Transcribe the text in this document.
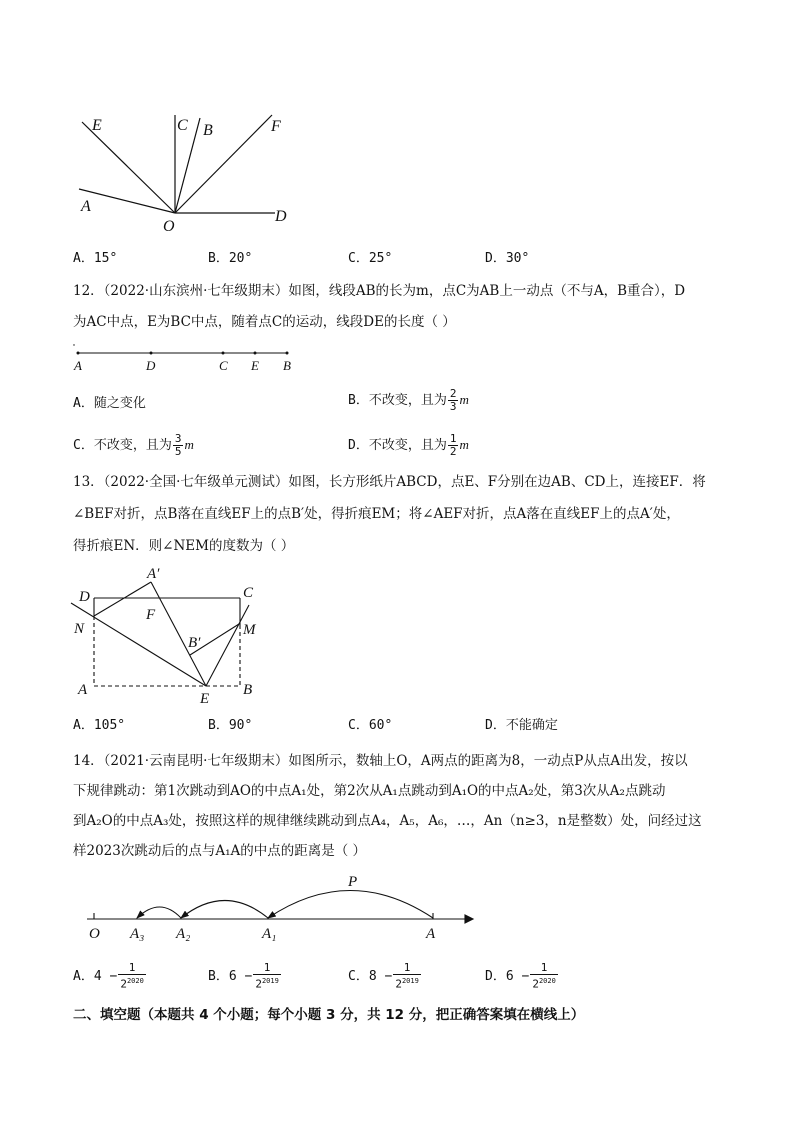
E	C B	F
A
O
D
A．15°	B．20°	C．25°	D．30°
12．（2022·山东滨州·七年级期末）如图，线段AB的长为m，点C为AB上一动点（不与A，B重合），D
为AC中点，E为BC中点，随着点C的运动，线段DE的长度（ ）
A	D	C E B
A．随之变化	B．不改变，且为 $\frac{2}{3}$ m
C．不改变，且为 $\frac{3}{5}$ m	D．不改变，且为 $\frac{1}{2}$ m
13．（2022·全国·七年级单元测试）如图，长方形纸片ABCD，点E、F分别在边AB、CD上，连接EF．将
∠BEF对折，点B落在直线EF上的点B′处，得折痕EM；将∠AEF对折，点A落在直线EF上的点A′处，
得折痕EN．则∠NEM的度数为（ ）
A′
D	C
F
N	M
B′
A
E
B
A．105°	B．90°	C．60°	D．不能确定
14．（2021·云南昆明·七年级期末）如图所示，数轴上O，A两点的距离为8，一动点P从点A出发，按以
下规律跳动：第1次跳动到AO的中点A₁处，第2次从A₁点跳动到A₁O的中点A₂处，第3次从A₂点跳动
到A₂O的中点A₃处，按照这样的规律继续跳动到点A₄，A₅，A₆，…，An（n≥3，n是整数）处，问经过这
样2023次跳动后的点与A₁A的中点的距离是（ ）
P
O A₃ A₂	A₁	A
A．$4 - \frac{1}{2^{2020}}$	B．$6 - \frac{1}{2^{2019}}$	C．$8 - \frac{1}{2^{2019}}$	D．$6 - \frac{1}{2^{2020}}$
二、填空题（本题共 4 个小题；每个小题 3 分，共 12 分，把正确答案填在横线上）
